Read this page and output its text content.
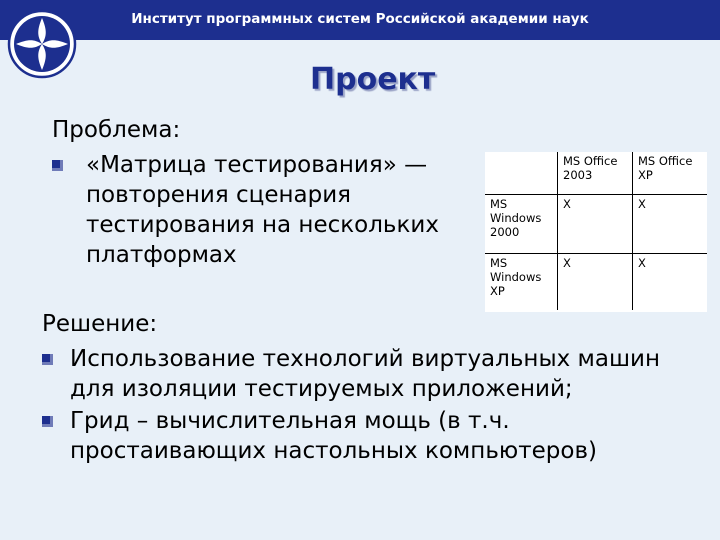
Институт программных систем Российской академии наук
Проект
Проблема:
«Матрица тестирования» — повторения сценария тестирования на нескольких платформах
	MS Office 2003	MS Office XP
MS Windows 2000	X	X
MS Windows XP	X	X
Решение:
Использование технологий виртуальных машин для изоляции тестируемых приложений;
Грид – вычислительная мощь (в т.ч. простаивающих настольных компьютеров)
